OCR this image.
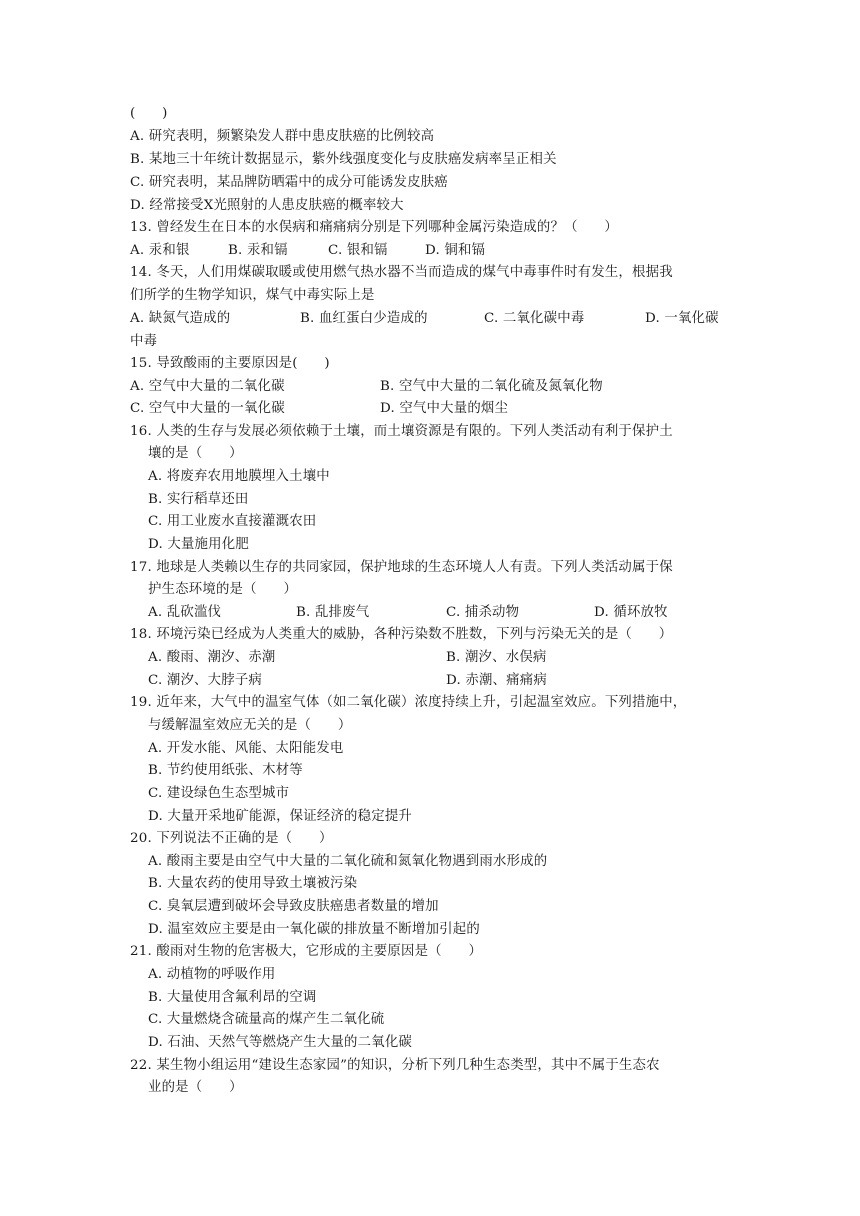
(      )
A. 研究表明，频繁染发人群中患皮肤癌的比例较高
B. 某地三十年统计数据显示，紫外线强度变化与皮肤癌发病率呈正相关
C. 研究表明，某品牌防晒霜中的成分可能诱发皮肤癌
D. 经常接受X光照射的人患皮肤癌的概率较大
13. 曾经发生在日本的水俣病和痛痛病分别是下列哪种金属污染造成的？（      ）
A. 汞和银	B. 汞和镉	C. 银和镉	D. 铜和镉
14. 冬天，人们用煤碳取暖或使用燃气热水器不当而造成的煤气中毒事件时有发生，根据我
们所学的生物学知识，煤气中毒实际上是
A. 缺氮气造成的	B. 血红蛋白少造成的	C. 二氧化碳中毒	D. 一氧化碳
中毒
15. 导致酸雨的主要原因是(      )
A. 空气中大量的二氧化碳	B. 空气中大量的二氧化硫及氮氧化物
C. 空气中大量的一氧化碳	D. 空气中大量的烟尘
16. 人类的生存与发展必须依赖于土壤，而土壤资源是有限的。下列人类活动有利于保护土
壤的是（      ）
A. 将废弃农用地膜埋入土壤中
B. 实行稻草还田
C. 用工业废水直接灌溉农田
D. 大量施用化肥
17. 地球是人类赖以生存的共同家园，保护地球的生态环境人人有责。下列人类活动属于保
护生态环境的是（      ）
A. 乱砍滥伐	B. 乱排废气	C. 捕杀动物	D. 循环放牧
18. 环境污染已经成为人类重大的威胁，各种污染数不胜数，下列与污染无关的是（      ）
A. 酸雨、潮汐、赤潮	B. 潮汐、水俣病
C. 潮汐、大脖子病	D. 赤潮、痛痛病
19. 近年来，大气中的温室气体（如二氧化碳）浓度持续上升，引起温室效应。下列措施中，
与缓解温室效应无关的是（      ）
A. 开发水能、风能、太阳能发电
B. 节约使用纸张、木材等
C. 建设绿色生态型城市
D. 大量开采地矿能源，保证经济的稳定提升
20. 下列说法不正确的是（      ）
A. 酸雨主要是由空气中大量的二氧化硫和氮氧化物遇到雨水形成的
B. 大量农药的使用导致土壤被污染
C. 臭氧层遭到破坏会导致皮肤癌患者数量的增加
D. 温室效应主要是由一氧化碳的排放量不断增加引起的
21. 酸雨对生物的危害极大，它形成的主要原因是（      ）
A. 动植物的呼吸作用
B. 大量使用含氟利昂的空调
C. 大量燃烧含硫量高的煤产生二氧化硫
D. 石油、天然气等燃烧产生大量的二氧化碳
22. 某生物小组运用“建设生态家园”的知识，分析下列几种生态类型，其中不属于生态农
业的是（      ）
